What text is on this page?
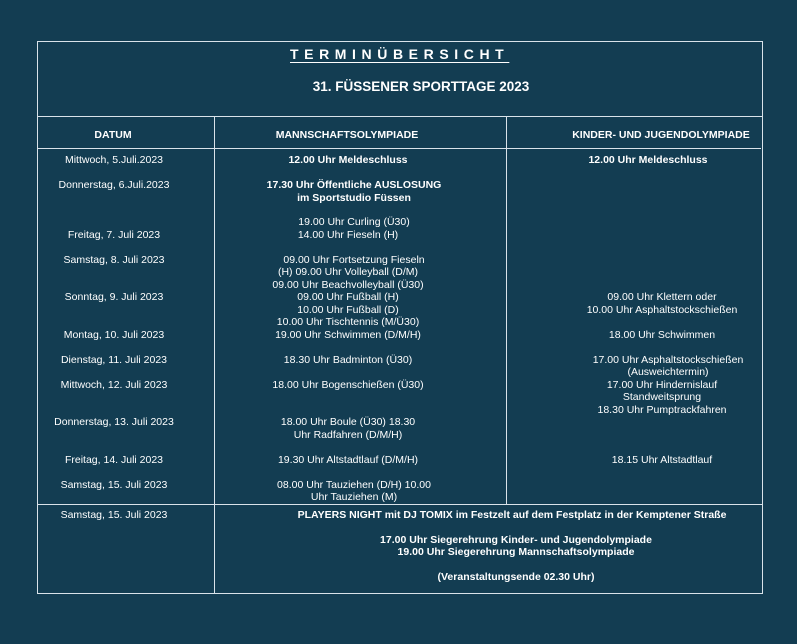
TERMINÜBERSICHT
31. FÜSSENER SPORTTAGE 2023
DATUM	MANNSCHAFTSOLYMPIADE	KINDER- UND JUGENDOLYMPIADE
Mittwoch, 5.Juli.2023
Donnerstag, 6.Juli.2023
Freitag, 7. Juli 2023
Samstag, 8. Juli 2023
Sonntag, 9. Juli 2023
Montag, 10. Juli 2023
Dienstag, 11. Juli 2023
Mittwoch, 12. Juli 2023
Donnerstag, 13. Juli 2023
Freitag, 14. Juli 2023
Samstag, 15. Juli 2023
Samstag, 15. Juli 2023
12.00 Uhr Meldeschluss
17.30 Uhr Öffentliche AUSLOSUNG
im Sportstudio Füssen
19.00 Uhr Curling (Ü30)
14.00 Uhr Fieseln (H)
09.00 Uhr Fortsetzung Fieseln
(H) 09.00 Uhr Volleyball (D/M)
09.00 Uhr Beachvolleyball (Ü30)
09.00 Uhr Fußball (H)
10.00 Uhr Fußball (D)
10.00 Uhr Tischtennis (M/Ü30)
19.00 Uhr Schwimmen (D/M/H)
18.30 Uhr Badminton (Ü30)
18.00 Uhr Bogenschießen (Ü30)
18.00 Uhr Boule (Ü30) 18.30
Uhr Radfahren (D/M/H)
19.30 Uhr Altstadtlauf (D/M/H)
08.00 Uhr Tauziehen (D/H) 10.00
Uhr Tauziehen (M)
12.00 Uhr Meldeschluss
09.00 Uhr Klettern oder
10.00 Uhr Asphaltstockschießen
18.00 Uhr Schwimmen
17.00 Uhr Asphaltstockschießen
(Ausweichtermin)
17.00 Uhr Hindernislauf
Standweitsprung
18.30 Uhr Pumptrackfahren
18.15 Uhr Altstadtlauf
PLAYERS NIGHT mit DJ TOMIX im Festzelt auf dem Festplatz in der Kemptener Straße
17.00 Uhr Siegerehrung Kinder- und Jugendolympiade
19.00 Uhr Siegerehrung Mannschaftsolympiade
(Veranstaltungsende 02.30 Uhr)
